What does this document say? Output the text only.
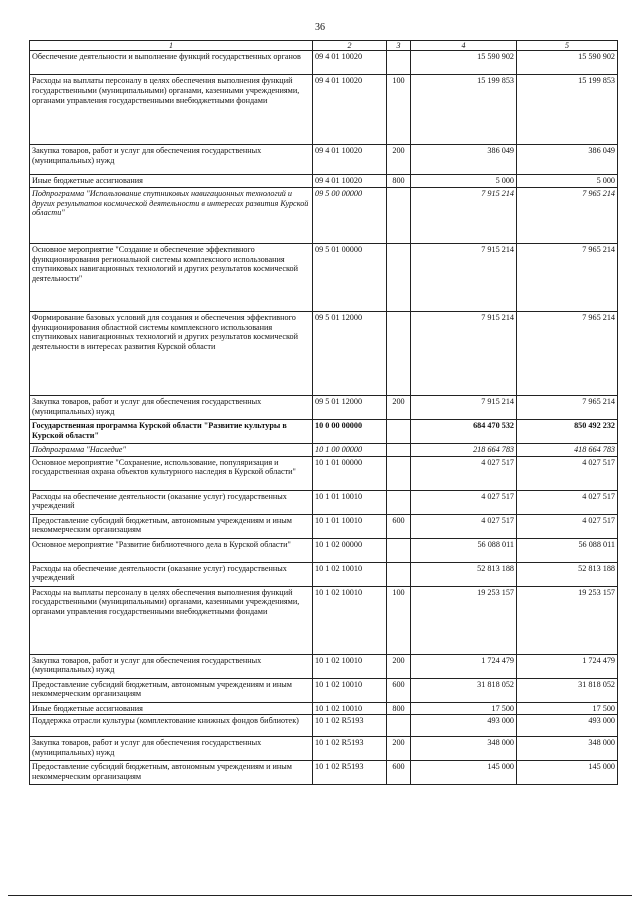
36
1	2	3	4	5
Обеспечение деятельности и выполнение функций государственных органов	09 4 01 10020		15 590 902	15 590 902
Расходы на выплаты персоналу в целях обеспечения выполнения функций государственными (муниципальными) органами, казенными учреждениями, органами управления государственными внебюджетными фондами	09 4 01 10020	100	15 199 853	15 199 853
Закупка товаров, работ и услуг для обеспечения государственных (муниципальных) нужд	09 4 01 10020	200	386 049	386 049
Иные бюджетные ассигнования	09 4 01 10020	800	5 000	5 000
Подпрограмма "Использование спутниковых навигационных технологий и других результатов космической деятельности в интересах развития Курской области"	09 5 00 00000		7 915 214	7 965 214
Основное мероприятие "Создание и обеспечение эффективного функционирования региональной системы комплексного использования спутниковых навигационных технологий и других результатов космической деятельности"	09 5 01 00000		7 915 214	7 965 214
Формирование базовых условий для создания и обеспечения эффективного функционирования областной системы комплексного использования спутниковых навигационных технологий и других результатов космической деятельности в интересах развития Курской области	09 5 01 12000		7 915 214	7 965 214
Закупка товаров, работ и услуг для обеспечения государственных (муниципальных) нужд	09 5 01 12000	200	7 915 214	7 965 214
Государственная программа Курской области "Развитие культуры в Курской области"	10 0 00 00000		684 470 532	850 492 232
Подпрограмма "Наследие"	10 1 00 00000		218 664 783	418 664 783
Основное мероприятие "Сохранение, использование, популяризация и государственная охрана объектов культурного наследия в Курской области"	10 1 01 00000		4 027 517	4 027 517
Расходы на обеспечение деятельности (оказание услуг) государственных учреждений	10 1 01 10010		4 027 517	4 027 517
Предоставление субсидий бюджетным, автономным учреждениям и иным некоммерческим организациям	10 1 01 10010	600	4 027 517	4 027 517
Основное мероприятие "Развитие библиотечного дела в Курской области"	10 1 02 00000		56 088 011	56 088 011
Расходы на обеспечение деятельности (оказание услуг) государственных учреждений	10 1 02 10010		52 813 188	52 813 188
Расходы на выплаты персоналу в целях обеспечения выполнения функций государственными (муниципальными) органами, казенными учреждениями, органами управления государственными внебюджетными фондами	10 1 02 10010	100	19 253 157	19 253 157
Закупка товаров, работ и услуг для обеспечения государственных (муниципальных) нужд	10 1 02 10010	200	1 724 479	1 724 479
Предоставление субсидий бюджетным, автономным учреждениям и иным некоммерческим организациям	10 1 02 10010	600	31 818 052	31 818 052
Иные бюджетные ассигнования	10 1 02 10010	800	17 500	17 500
Поддержка отрасли культуры (комплектование книжных фондов библиотек)	10 1 02 R5193		493 000	493 000
Закупка товаров, работ и услуг для обеспечения государственных (муниципальных) нужд	10 1 02 R5193	200	348 000	348 000
Предоставление субсидий бюджетным, автономным учреждениям и иным некоммерческим организациям	10 1 02 R5193	600	145 000	145 000
